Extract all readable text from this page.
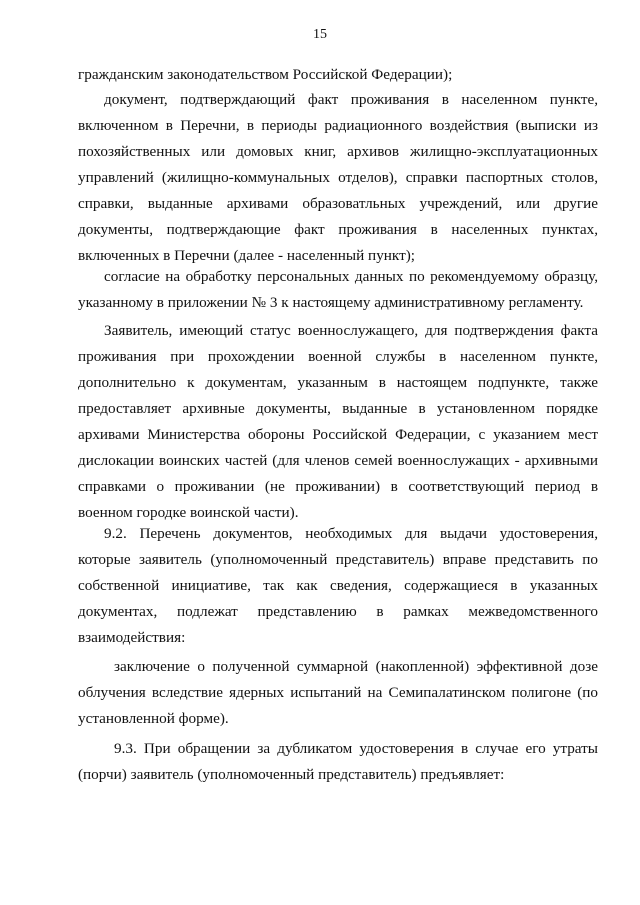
15
гражданским законодательством Российской Федерации);
документ, подтверждающий факт проживания в населенном пункте,
включенном в Перечни, в периоды радиационного воздействия (выписки из
похозяйственных или домовых книг, архивов жилищно-эксплуатационных
управлений (жилищно-коммунальных отделов), справки паспортных столов,
справки, выданные архивами образоватльных учреждений, или другие
документы, подтверждающие факт проживания в населенных пунктах,
включенных в Перечни (далее - населенный пункт);
согласие на обработку персональных данных по рекомендуемому образцу,
указанному в приложении № 3 к настоящему административному регламенту.
Заявитель, имеющий статус военнослужащего, для подтверждения факта
проживания при прохождении военной службы в населенном пункте,
дополнительно к документам, указанным в настоящем подпункте, также
предоставляет архивные документы, выданные в установленном порядке
архивами Министерства обороны Российской Федерации, с указанием мест
дислокации воинских частей (для членов семей военнослужащих - архивными
справками о проживании (не проживании) в соответствующий период в
военном городке воинской части).
9.2. Перечень документов, необходимых для выдачи удостоверения,
которые заявитель (уполномоченный представитель) вправе представить по
собственной инициативе, так как сведения, содержащиеся в указанных
документах, подлежат представлению в рамках межведомственного
взаимодействия:
заключение о полученной суммарной (накопленной) эффективной дозе
облучения вследствие ядерных испытаний на Семипалатинском полигоне (по
установленной форме).
9.3. При обращении за дубликатом удостоверения в случае его утраты
(порчи) заявитель (уполномоченный представитель) предъявляет:
